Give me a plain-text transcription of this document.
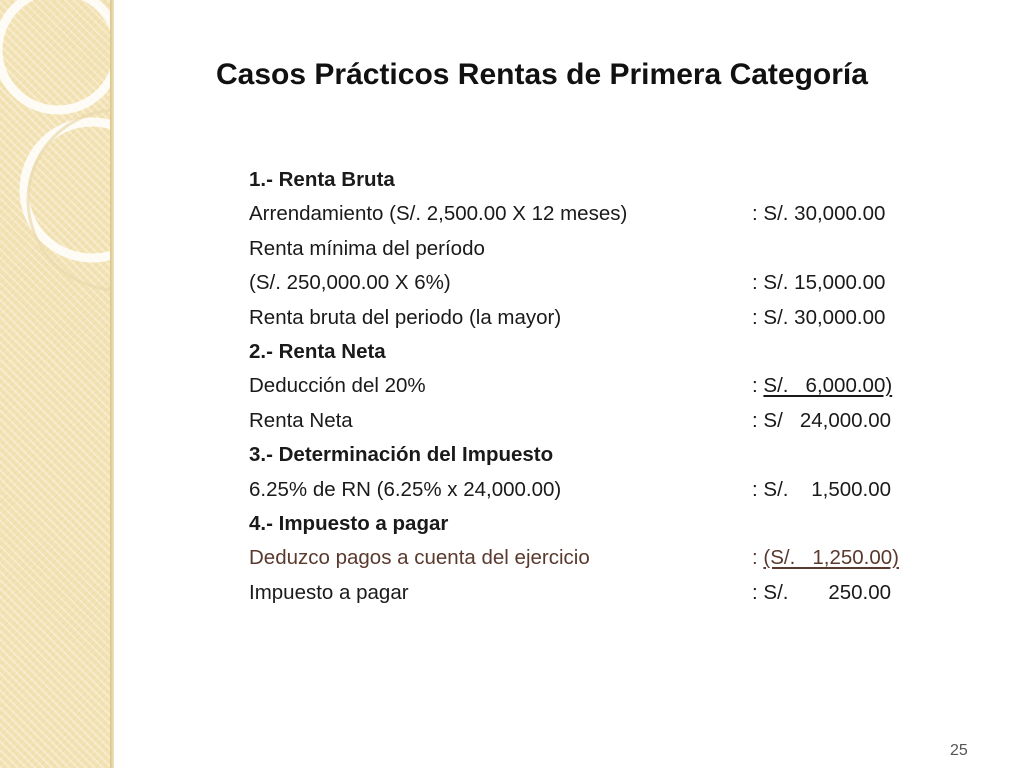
Casos Prácticos Rentas de Primera Categoría
1.- Renta Bruta
Arrendamiento (S/. 2,500.00 X 12 meses)	: S/. 30,000.00
Renta mínima del período
(S/. 250,000.00 X 6%)	: S/. 15,000.00
Renta bruta del periodo (la mayor)	: S/. 30,000.00
2.- Renta Neta
Deducción del 20%	: S/.   6,000.00)
Renta Neta	: S/   24,000.00
3.- Determinación del Impuesto
6.25% de RN (6.25% x 24,000.00)	: S/.    1,500.00
4.- Impuesto a pagar
Deduzco pagos a cuenta del ejercicio	: (S/.   1,250.00)
Impuesto a pagar	: S/.       250.00
25
